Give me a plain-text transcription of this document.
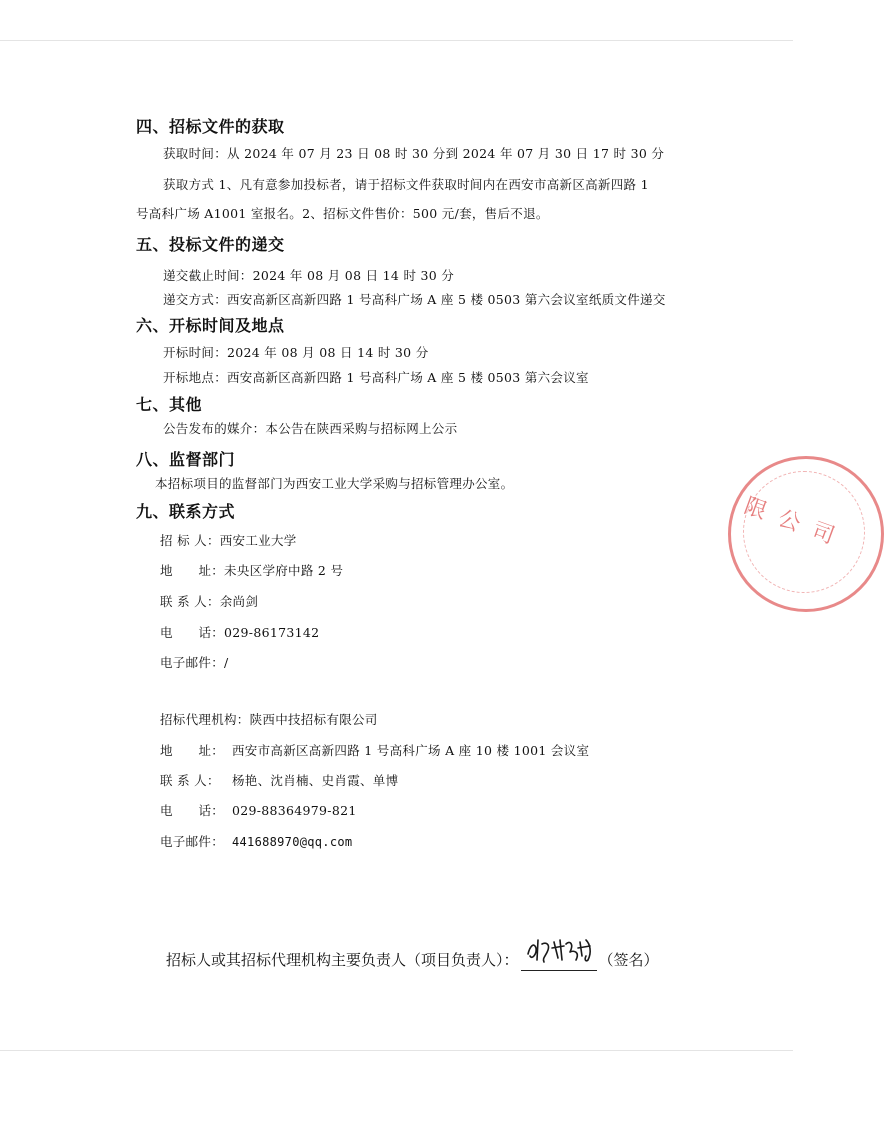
四、招标文件的获取
获取时间：从 2024 年 07 月 23 日 08 时 30 分到 2024 年 07 月 30 日 17 时 30 分
获取方式 1、凡有意参加投标者，请于招标文件获取时间内在西安市高新区高新四路 1
号高科广场 A1001 室报名。2、招标文件售价：500 元/套，售后不退。
五、投标文件的递交
递交截止时间：2024 年 08 月 08 日 14 时 30 分
递交方式：西安高新区高新四路 1 号高科广场 A 座 5 楼 0503 第六会议室纸质文件递交
六、开标时间及地点
开标时间：2024 年 08 月 08 日 14 时 30 分
开标地点：西安高新区高新四路 1 号高科广场 A 座 5 楼 0503 第六会议室
七、其他
公告发布的媒介：本公告在陕西采购与招标网上公示
八、监督部门
本招标项目的监督部门为西安工业大学采购与招标管理办公室。
九、联系方式
招 标 人：西安工业大学
地      址：未央区学府中路 2 号
联 系 人：余尚剑
电      话：029-86173142
电子邮件：/
招标代理机构：陕西中技招标有限公司
地      址： 西安市高新区高新四路 1 号高科广场 A 座 10 楼 1001 会议室
联 系 人： 杨艳、沈肖楠、史肖霞、单博
电      话： 029-88364979-821
电子邮件： 441688970@qq.com
招标人或其招标代理机构主要负责人（项目负责人）：	（签名）
限公司
